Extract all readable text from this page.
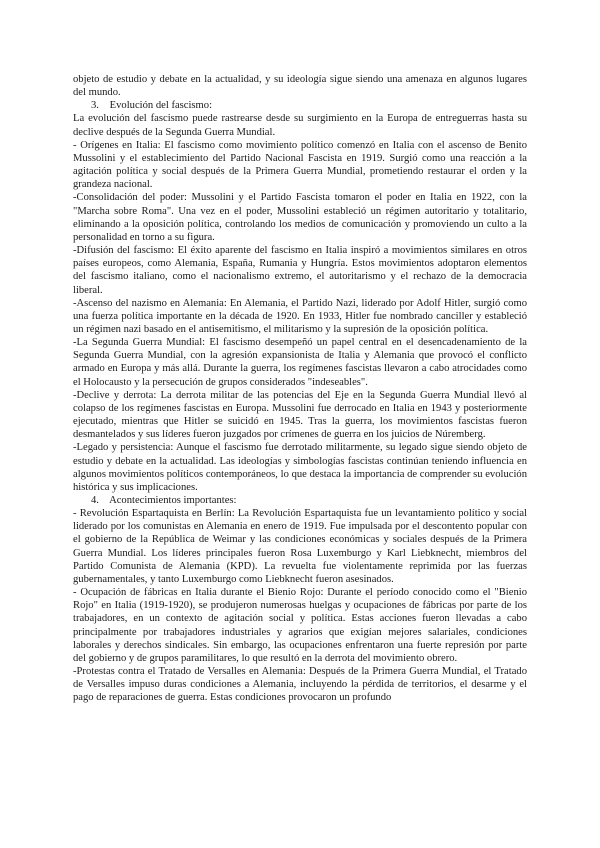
objeto de estudio y debate en la actualidad, y su ideología sigue siendo una amenaza en algunos lugares del mundo.

3. Evolución del fascismo:

La evolución del fascismo puede rastrearse desde su surgimiento en la Europa de entreguerras hasta su declive después de la Segunda Guerra Mundial.

- Orígenes en Italia: El fascismo como movimiento político comenzó en Italia con el ascenso de Benito Mussolini y el establecimiento del Partido Nacional Fascista en 1919. Surgió como una reacción a la agitación política y social después de la Primera Guerra Mundial, prometiendo restaurar el orden y la grandeza nacional.

-Consolidación del poder: Mussolini y el Partido Fascista tomaron el poder en Italia en 1922, con la "Marcha sobre Roma". Una vez en el poder, Mussolini estableció un régimen autoritario y totalitario, eliminando a la oposición política, controlando los medios de comunicación y promoviendo un culto a la personalidad en torno a su figura.

-Difusión del fascismo: El éxito aparente del fascismo en Italia inspiró a movimientos similares en otros países europeos, como Alemania, España, Rumania y Hungría. Estos movimientos adoptaron elementos del fascismo italiano, como el nacionalismo extremo, el autoritarismo y el rechazo de la democracia liberal.

-Ascenso del nazismo en Alemania: En Alemania, el Partido Nazi, liderado por Adolf Hitler, surgió como una fuerza política importante en la década de 1920. En 1933, Hitler fue nombrado canciller y estableció un régimen nazi basado en el antisemitismo, el militarismo y la supresión de la oposición política.

-La Segunda Guerra Mundial: El fascismo desempeñó un papel central en el desencadenamiento de la Segunda Guerra Mundial, con la agresión expansionista de Italia y Alemania que provocó el conflicto armado en Europa y más allá. Durante la guerra, los regímenes fascistas llevaron a cabo atrocidades como el Holocausto y la persecución de grupos considerados "indeseables".

-Declive y derrota: La derrota militar de las potencias del Eje en la Segunda Guerra Mundial llevó al colapso de los regímenes fascistas en Europa. Mussolini fue derrocado en Italia en 1943 y posteriormente ejecutado, mientras que Hitler se suicidó en 1945. Tras la guerra, los movimientos fascistas fueron desmantelados y sus líderes fueron juzgados por crímenes de guerra en los juicios de Núremberg.

-Legado y persistencia: Aunque el fascismo fue derrotado militarmente, su legado sigue siendo objeto de estudio y debate en la actualidad. Las ideologías y simbologías fascistas continúan teniendo influencia en algunos movimientos políticos contemporáneos, lo que destaca la importancia de comprender su evolución histórica y sus implicaciones.

4. Acontecimientos importantes:

- Revolución Espartaquista en Berlín: La Revolución Espartaquista fue un levantamiento político y social liderado por los comunistas en Alemania en enero de 1919. Fue impulsada por el descontento popular con el gobierno de la República de Weimar y las condiciones económicas y sociales después de la Primera Guerra Mundial. Los líderes principales fueron Rosa Luxemburgo y Karl Liebknecht, miembros del Partido Comunista de Alemania (KPD). La revuelta fue violentamente reprimida por las fuerzas gubernamentales, y tanto Luxemburgo como Liebknecht fueron asesinados.

- Ocupación de fábricas en Italia durante el Bienio Rojo: Durante el período conocido como el "Bienio Rojo" en Italia (1919-1920), se produjeron numerosas huelgas y ocupaciones de fábricas por parte de los trabajadores, en un contexto de agitación social y política. Estas acciones fueron llevadas a cabo principalmente por trabajadores industriales y agrarios que exigían mejores salariales, condiciones laborales y derechos sindicales. Sin embargo, las ocupaciones enfrentaron una fuerte represión por parte del gobierno y de grupos paramilitares, lo que resultó en la derrota del movimiento obrero.

-Protestas contra el Tratado de Versalles en Alemania: Después de la Primera Guerra Mundial, el Tratado de Versalles impuso duras condiciones a Alemania, incluyendo la pérdida de territorios, el desarme y el pago de reparaciones de guerra. Estas condiciones provocaron un profundo
